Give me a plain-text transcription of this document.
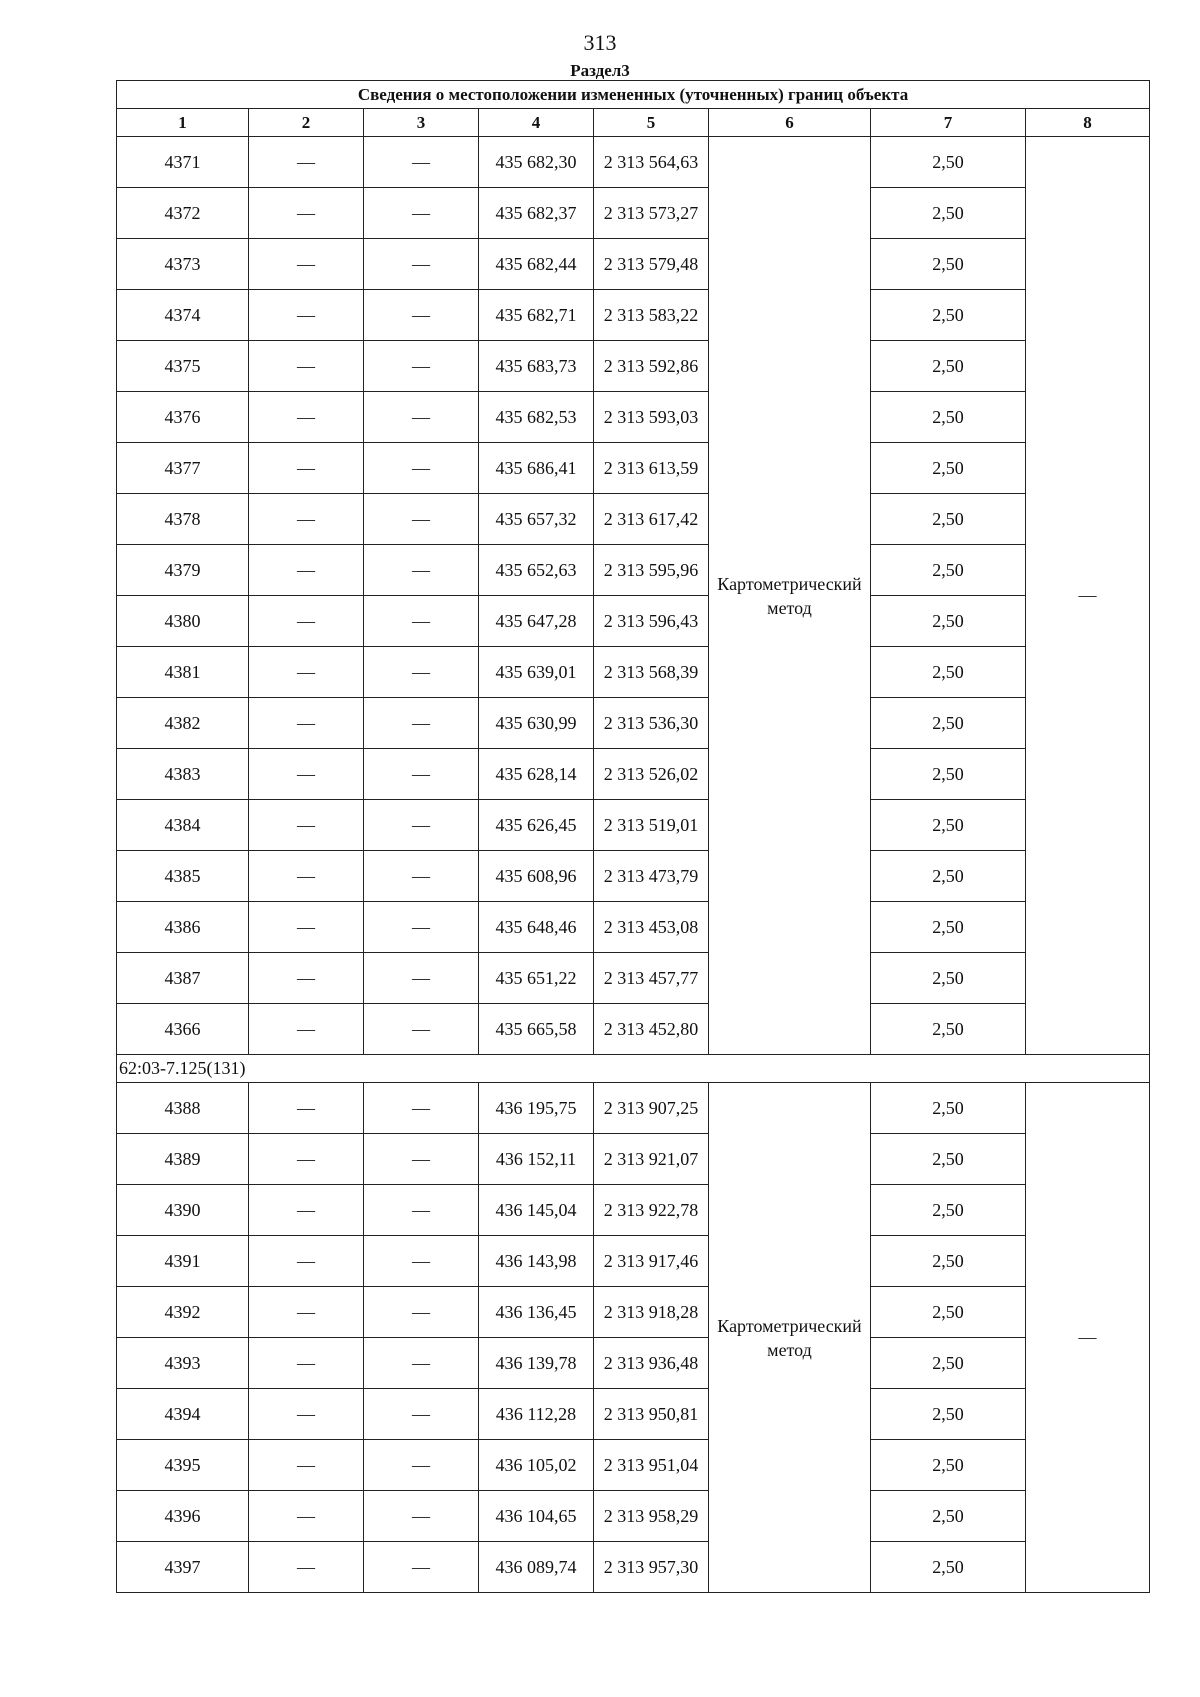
313
Раздел3
Сведения о местоположении измененных (уточненных) границ объекта							
1	2	3	4	5	6	7	8
4371	—	—	435 682,30	2 313 564,63	Картометрический метод	2,50	—
4372	—	—	435 682,37	2 313 573,27		2,50	
4373	—	—	435 682,44	2 313 579,48		2,50	
4374	—	—	435 682,71	2 313 583,22		2,50	
4375	—	—	435 683,73	2 313 592,86		2,50	
4376	—	—	435 682,53	2 313 593,03		2,50	
4377	—	—	435 686,41	2 313 613,59		2,50	
4378	—	—	435 657,32	2 313 617,42		2,50	
4379	—	—	435 652,63	2 313 595,96		2,50	
4380	—	—	435 647,28	2 313 596,43		2,50	
4381	—	—	435 639,01	2 313 568,39		2,50	
4382	—	—	435 630,99	2 313 536,30		2,50	
4383	—	—	435 628,14	2 313 526,02		2,50	
4384	—	—	435 626,45	2 313 519,01		2,50	
4385	—	—	435 608,96	2 313 473,79		2,50	
4386	—	—	435 648,46	2 313 453,08		2,50	
4387	—	—	435 651,22	2 313 457,77		2,50	
4366	—	—	435 665,58	2 313 452,80		2,50	
62:03-7.125(131)							
4388	—	—	436 195,75	2 313 907,25	Картометрический метод	2,50	—
4389	—	—	436 152,11	2 313 921,07		2,50	
4390	—	—	436 145,04	2 313 922,78		2,50	
4391	—	—	436 143,98	2 313 917,46		2,50	
4392	—	—	436 136,45	2 313 918,28		2,50	
4393	—	—	436 139,78	2 313 936,48		2,50	
4394	—	—	436 112,28	2 313 950,81		2,50	
4395	—	—	436 105,02	2 313 951,04		2,50	
4396	—	—	436 104,65	2 313 958,29		2,50	
4397	—	—	436 089,74	2 313 957,30		2,50	
